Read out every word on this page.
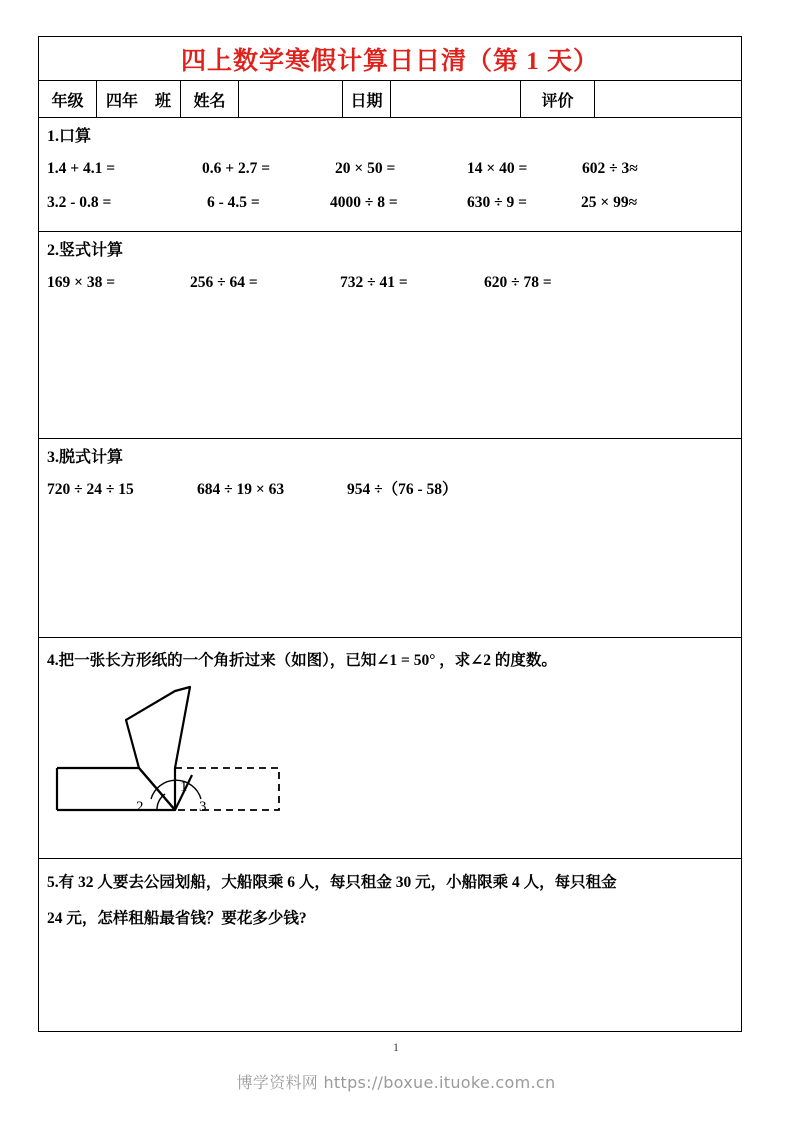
四上数学寒假计算日日清（第 1 天）
年级	四年 班	姓名	日期	评价
1.口算
1.4 + 4.1 =	0.6 + 2.7 =	20 × 50 =	14 × 40 =	602 ÷ 3≈
3.2 - 0.8 =	6 - 4.5 =	4000 ÷ 8 =	630 ÷ 9 =	25 × 99≈
2.竖式计算
169 × 38 =	256 ÷ 64 =	732 ÷ 41 =	620 ÷ 78 =
3.脱式计算
720 ÷ 24 ÷ 15	684 ÷ 19 × 63	954 ÷（76 - 58）
4.把一张长方形纸的一个角折过来（如图），已知∠1 = 50° ，求∠2 的度数。
1
2	3
5.有 32 人要去公园划船，大船限乘 6 人，每只租金 30 元，小船限乘 4 人，每只租金
24 元，怎样租船最省钱？要花多少钱?
1
博学资料网 https://boxue.ituoke.com.cn
